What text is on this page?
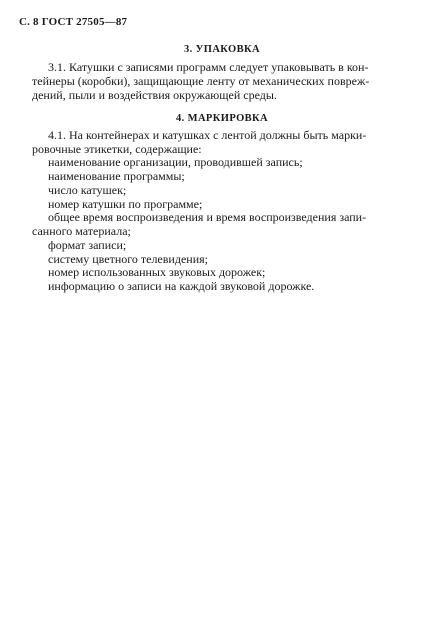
С. 8 ГОСТ 27505—87
3. УПАКОВКА
3.1. Катушки с записями программ следует упаковывать в кон-
тейнеры (коробки), защищающие ленту от механических повреж-
дений, пыли и воздействия окружающей среды.
4. МАРКИРОВКА
4.1. На контейнерах и катушках с лентой должны быть марки-
ровочные этикетки, содержащие:
наименование организации, проводившей запись;
наименование программы;
число катушек;
номер катушки по программе;
общее время воспроизведения и время воспроизведения запи-
санного материала;
формат записи;
систему цветного телевидения;
номер использованных звуковых дорожек;
информацию о записи на каждой звуковой дорожке.
